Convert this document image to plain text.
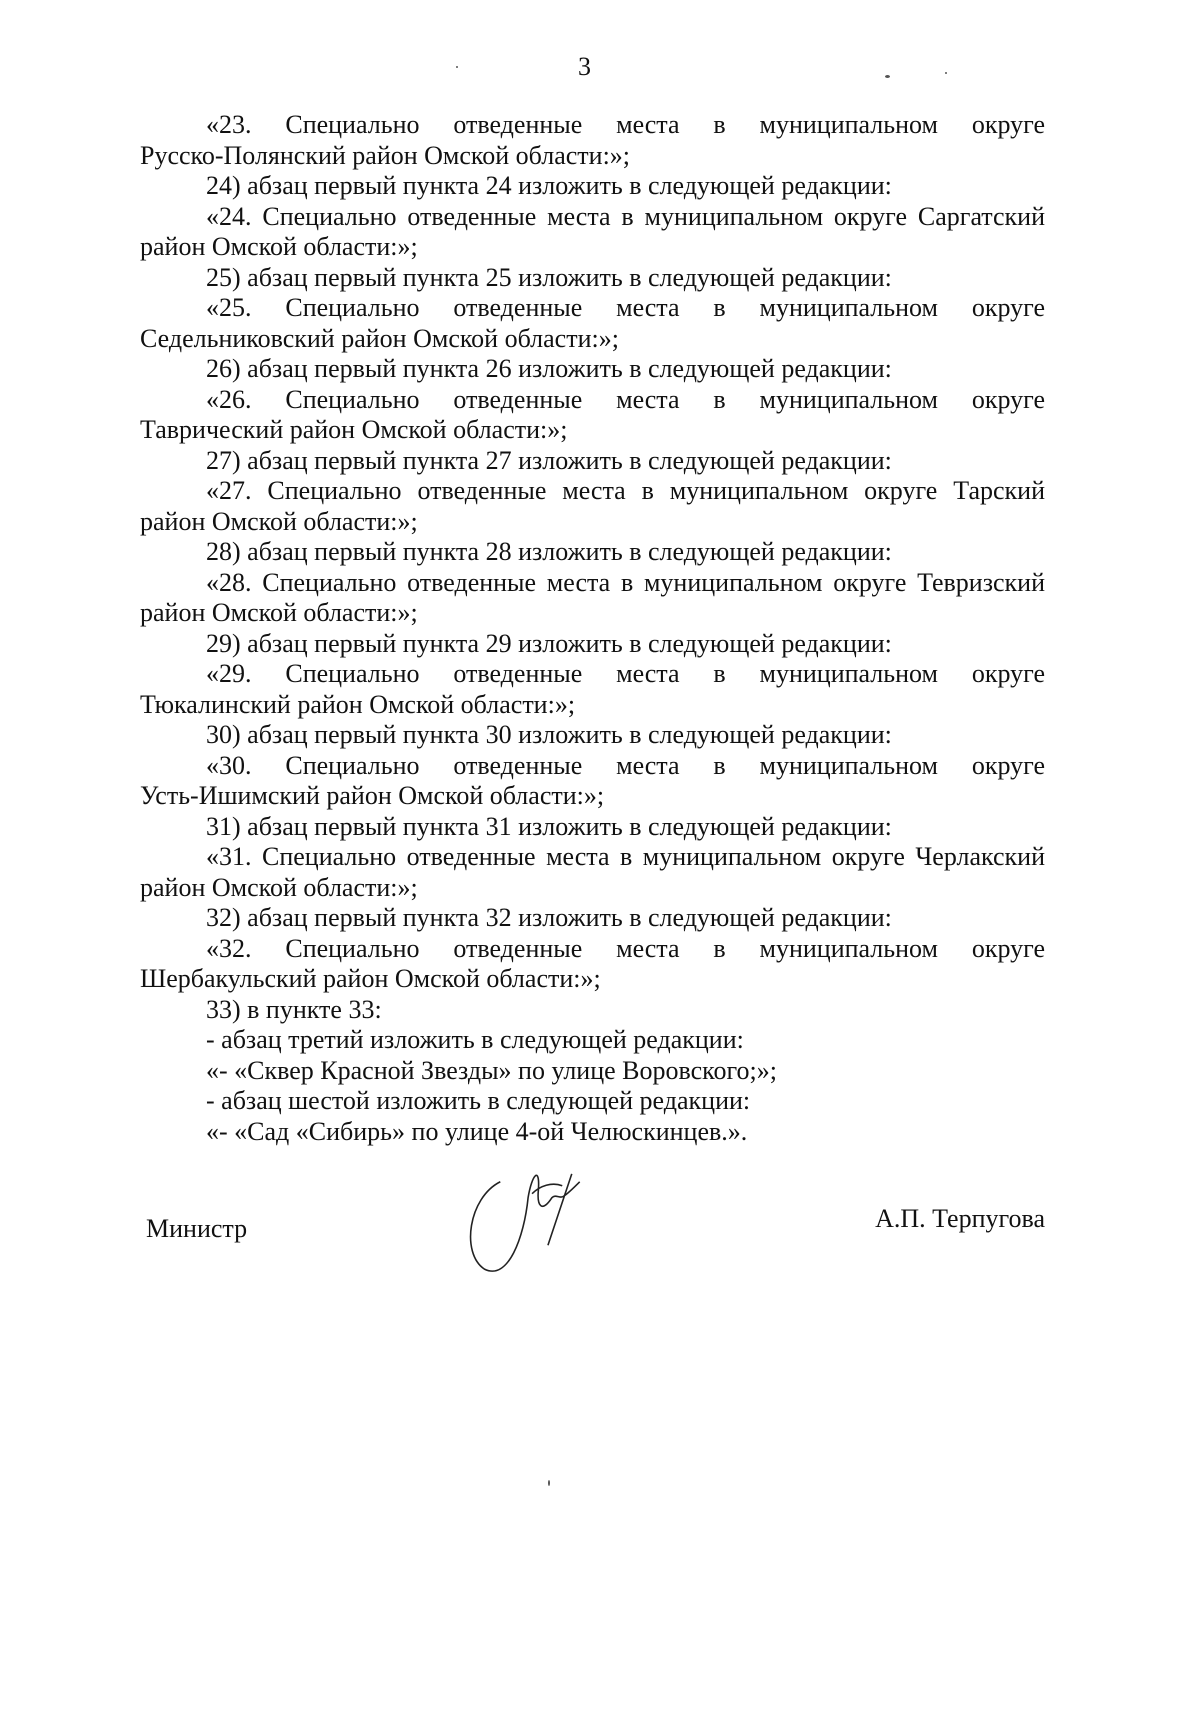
3
«23. Специально отведенные места в муниципальном округе
Русско-Полянский район Омской области:»;
24) абзац первый пункта 24 изложить в следующей редакции:
«24. Специально отведенные места в муниципальном округе Саргатский
район Омской области:»;
25) абзац первый пункта 25 изложить в следующей редакции:
«25. Специально отведенные места в муниципальном округе
Седельниковский район Омской области:»;
26) абзац первый пункта 26 изложить в следующей редакции:
«26. Специально отведенные места в муниципальном округе
Таврический район Омской области:»;
27) абзац первый пункта 27 изложить в следующей редакции:
«27. Специально отведенные места в муниципальном округе Тарский
район Омской области:»;
28) абзац первый пункта 28 изложить в следующей редакции:
«28. Специально отведенные места в муниципальном округе Тевризский
район Омской области:»;
29) абзац первый пункта 29 изложить в следующей редакции:
«29. Специально отведенные места в муниципальном округе
Тюкалинский район Омской области:»;
30) абзац первый пункта 30 изложить в следующей редакции:
«30. Специально отведенные места в муниципальном округе
Усть-Ишимский район Омской области:»;
31) абзац первый пункта 31 изложить в следующей редакции:
«31. Специально отведенные места в муниципальном округе Черлакский
район Омской области:»;
32) абзац первый пункта 32 изложить в следующей редакции:
«32. Специально отведенные места в муниципальном округе
Шербакульский район Омской области:»;
33) в пункте 33:
- абзац третий изложить в следующей редакции:
«- «Сквер Красной Звезды» по улице Воровского;»;
- абзац шестой изложить в следующей редакции:
«- «Сад «Сибирь» по улице 4-ой Челюскинцев.».
Министр	А.П. Терпугова
